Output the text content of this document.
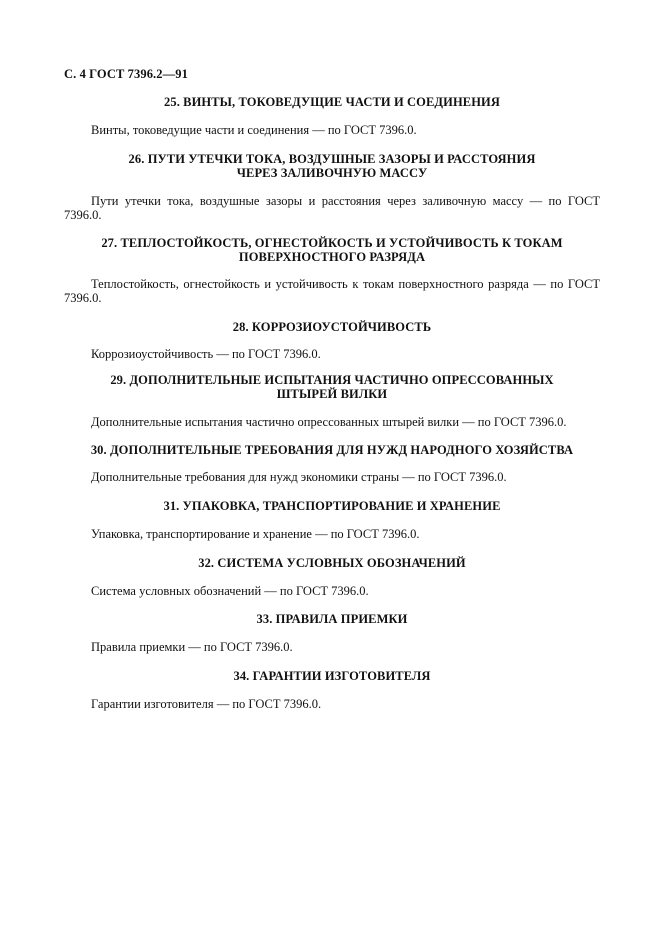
С. 4 ГОСТ 7396.2—91
25. ВИНТЫ, ТОКОВЕДУЩИЕ ЧАСТИ И СОЕДИНЕНИЯ

Винты, токоведущие части и соединения — по ГОСТ 7396.0.

26. ПУТИ УТЕЧКИ ТОКА, ВОЗДУШНЫЕ ЗАЗОРЫ И РАССТОЯНИЯ
ЧЕРЕЗ ЗАЛИВОЧНУЮ МАССУ

Пути утечки тока, воздушные зазоры и расстояния через заливочную массу — по ГОСТ 7396.0.

27. ТЕПЛОСТОЙКОСТЬ, ОГНЕСТОЙКОСТЬ И УСТОЙЧИВОСТЬ К ТОКАМ
ПОВЕРХНОСТНОГО РАЗРЯДА

Теплостойкость, огнестойкость и устойчивость к токам поверхностного разряда — по ГОСТ 7396.0.

28. КОРРОЗИОУСТОЙЧИВОСТЬ

Коррозиоустойчивость — по ГОСТ 7396.0.

29. ДОПОЛНИТЕЛЬНЫЕ ИСПЫТАНИЯ ЧАСТИЧНО ОПРЕССОВАННЫХ
ШТЫРЕЙ ВИЛКИ

Дополнительные испытания частично опрессованных штырей вилки — по ГОСТ 7396.0.

30. ДОПОЛНИТЕЛЬНЫЕ ТРЕБОВАНИЯ ДЛЯ НУЖД НАРОДНОГО ХОЗЯЙСТВА

Дополнительные требования для нужд экономики страны — по ГОСТ 7396.0.

31. УПАКОВКА, ТРАНСПОРТИРОВАНИЕ И ХРАНЕНИЕ

Упаковка, транспортирование и хранение — по ГОСТ 7396.0.

32. СИСТЕМА УСЛОВНЫХ ОБОЗНАЧЕНИЙ

Система условных обозначений — по ГОСТ 7396.0.

33. ПРАВИЛА ПРИЕМКИ

Правила приемки — по ГОСТ 7396.0.

34. ГАРАНТИИ ИЗГОТОВИТЕЛЯ

Гарантии изготовителя — по ГОСТ 7396.0.
